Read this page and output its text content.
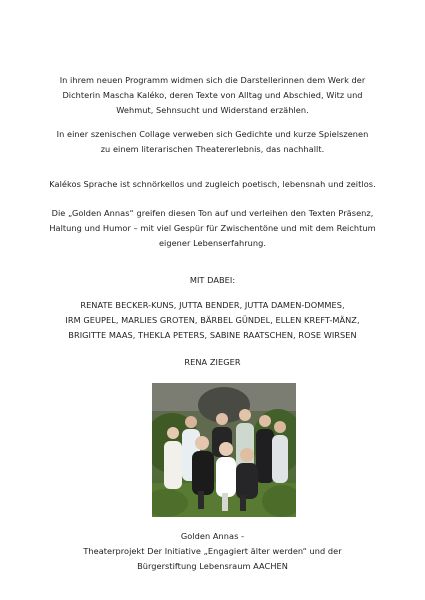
In ihrem neuen Programm widmen sich die Darstellerinnen dem Werk der
Dichterin Mascha Kaléko, deren Texte von Alltag und Abschied, Witz und
Wehmut, Sehnsucht und Widerstand erzählen.
In einer szenischen Collage verweben sich Gedichte und kurze Spielszenen
zu einem literarischen Theatererlebnis, das nachhallt.
Kalékos Sprache ist schnörkellos und zugleich poetisch, lebensnah und zeitlos.
Die „Golden Annas“ greifen diesen Ton auf und verleihen den Texten Präsenz,
Haltung und Humor – mit viel Gespür für Zwischentöne und mit dem Reichtum
eigener Lebenserfahrung.
MIT DABEI:
RENATE BECKER-KUNS, JUTTA BENDER, JUTTA DAMEN-DOMMES,
IRM GEUPEL, MARLIES GROTEN, BÄRBEL GÜNDEL, ELLEN KREFT-MÄNZ,
BRIGITTE MAAS, THEKLA PETERS, SABINE RAATSCHEN, ROSE WIRSEN
RENA ZIEGER
Golden Annas -
Theaterprojekt Der Initiative „Engagiert älter werden“ und der
Bürgerstiftung Lebensraum AACHEN
